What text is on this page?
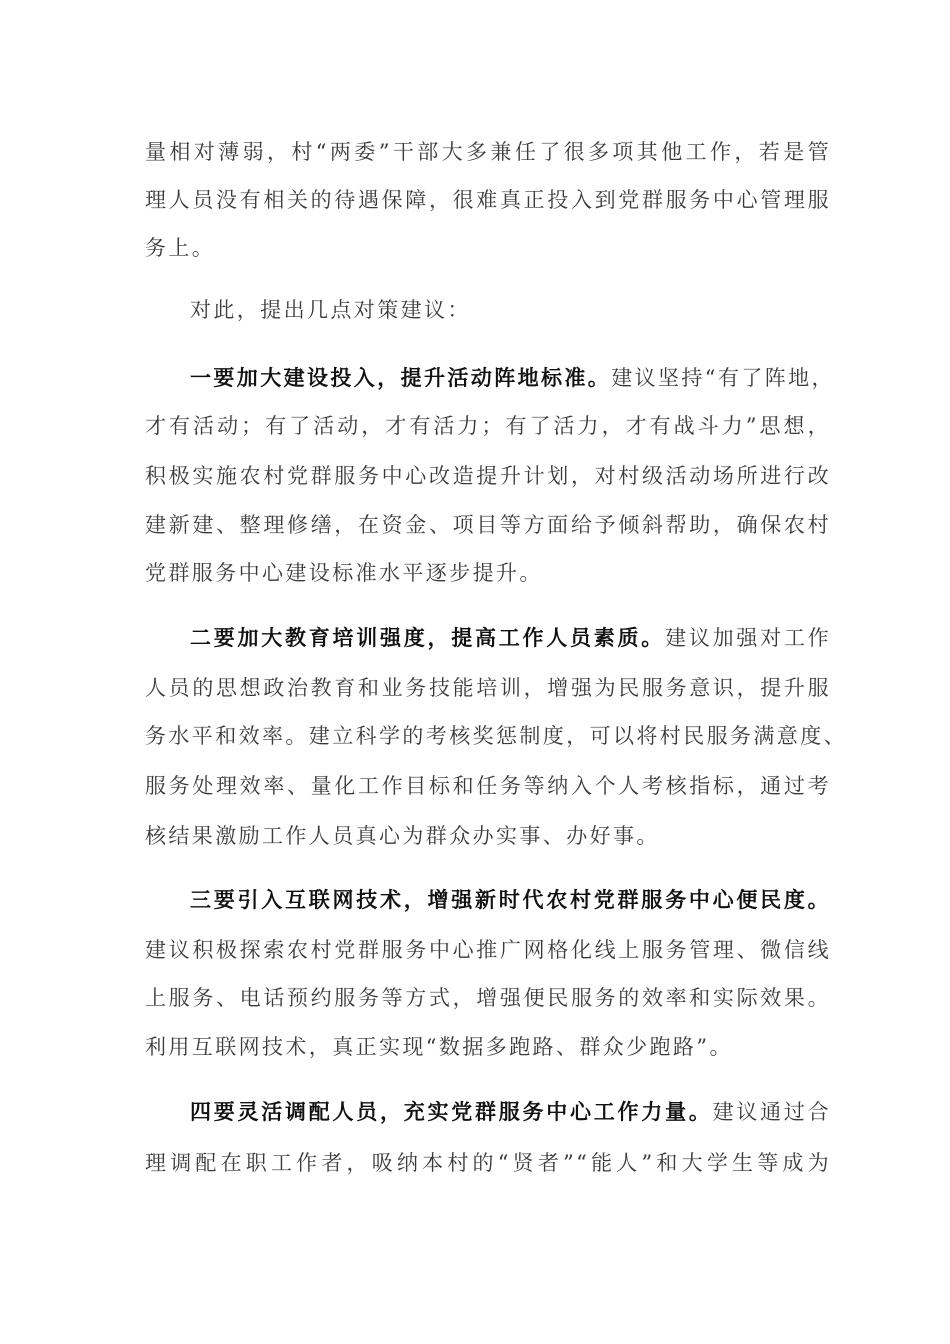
量相对薄弱，村“两委”干部大多兼任了很多项其他工作，若是管
理人员没有相关的待遇保障，很难真正投入到党群服务中心管理服
务上。
对此，提出几点对策建议：
一要加大建设投入，提升活动阵地标准。建议坚持“有了阵地，
才有活动；有了活动，才有活力；有了活力，才有战斗力”思想，
积极实施农村党群服务中心改造提升计划，对村级活动场所进行改
建新建、整理修缮，在资金、项目等方面给予倾斜帮助，确保农村
党群服务中心建设标准水平逐步提升。
二要加大教育培训强度，提高工作人员素质。建议加强对工作
人员的思想政治教育和业务技能培训，增强为民服务意识，提升服
务水平和效率。建立科学的考核奖惩制度，可以将村民服务满意度、
服务处理效率、量化工作目标和任务等纳入个人考核指标，通过考
核结果激励工作人员真心为群众办实事、办好事。
三要引入互联网技术，增强新时代农村党群服务中心便民度。
建议积极探索农村党群服务中心推广网格化线上服务管理、微信线
上服务、电话预约服务等方式，增强便民服务的效率和实际效果。
利用互联网技术，真正实现“数据多跑路、群众少跑路”。
四要灵活调配人员，充实党群服务中心工作力量。建议通过合
理调配在职工作者，吸纳本村的“贤者”“能人”和大学生等成为
